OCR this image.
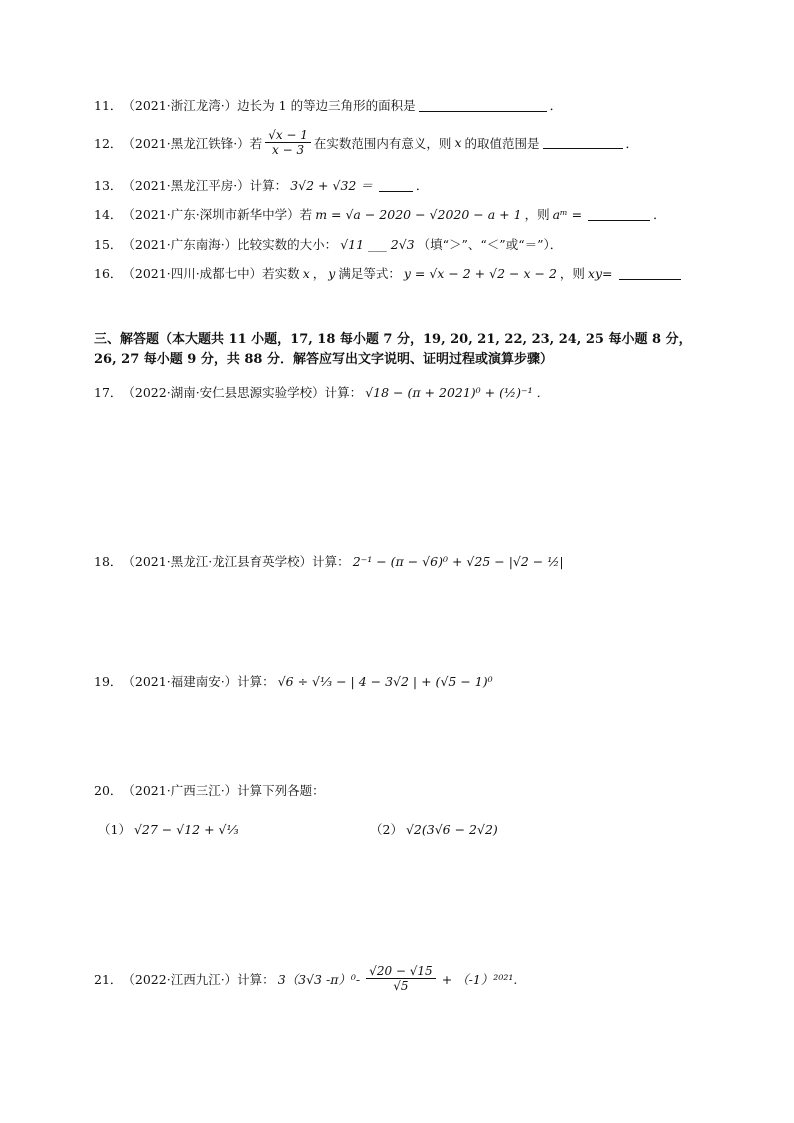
11． （2021·浙江龙湾·） 边长为 1 的等边三角形的面积是	．
12． （2021·黑龙江铁锋·） 若 $\frac{√x - 1}{x - 3}$ 在实数范围内有意义，则 x 的取值范围是	．
13． （2021·黑龙江平房·） 计算： 3√2 + √32 ＝	．
14． （2021·广东·深圳市新华中学） 若 m = √a − 2020 − √2020 − a + 1 ，则 aᵐ =	．
15． （2021·广东南海·） 比较实数的大小： √11 ___ 2√3 （填“＞”、“＜”或“＝”）．
16． （2021·四川·成都七中） 若实数 x ， y 满足等式： y = √x − 2 + √2 − x − 2 ，则 xy=
三、解答题（本大题共 11 小题，17, 18 每小题 7 分，19, 20, 21, 22, 23, 24, 25 每小题 8 分，26, 27 每小题 9 分，共 88 分．解答应写出文字说明、证明过程或演算步骤）
17． （2022·湖南·安仁县思源实验学校） 计算： √18 − (π + 2021)⁰ + (½)⁻¹ ．
18． （2021·黑龙江·龙江县育英学校） 计算： 2⁻¹ − (π − √6)⁰ + √25 − |√2 − ½|
19． （2021·福建南安·） 计算： √6 ÷ √⅓ − | 4 − 3√2 | + (√5 − 1)⁰
20． （2021·广西三江·） 计算下列各题：
（1） √27 − √12 + √⅓	（2） √2(3√6 − 2√2)
21． （2022·江西九江·） 计算： 3（3√3 $-\pi)^0- \frac{√20 - √15}{√5} + (-1)^{2021}$.
